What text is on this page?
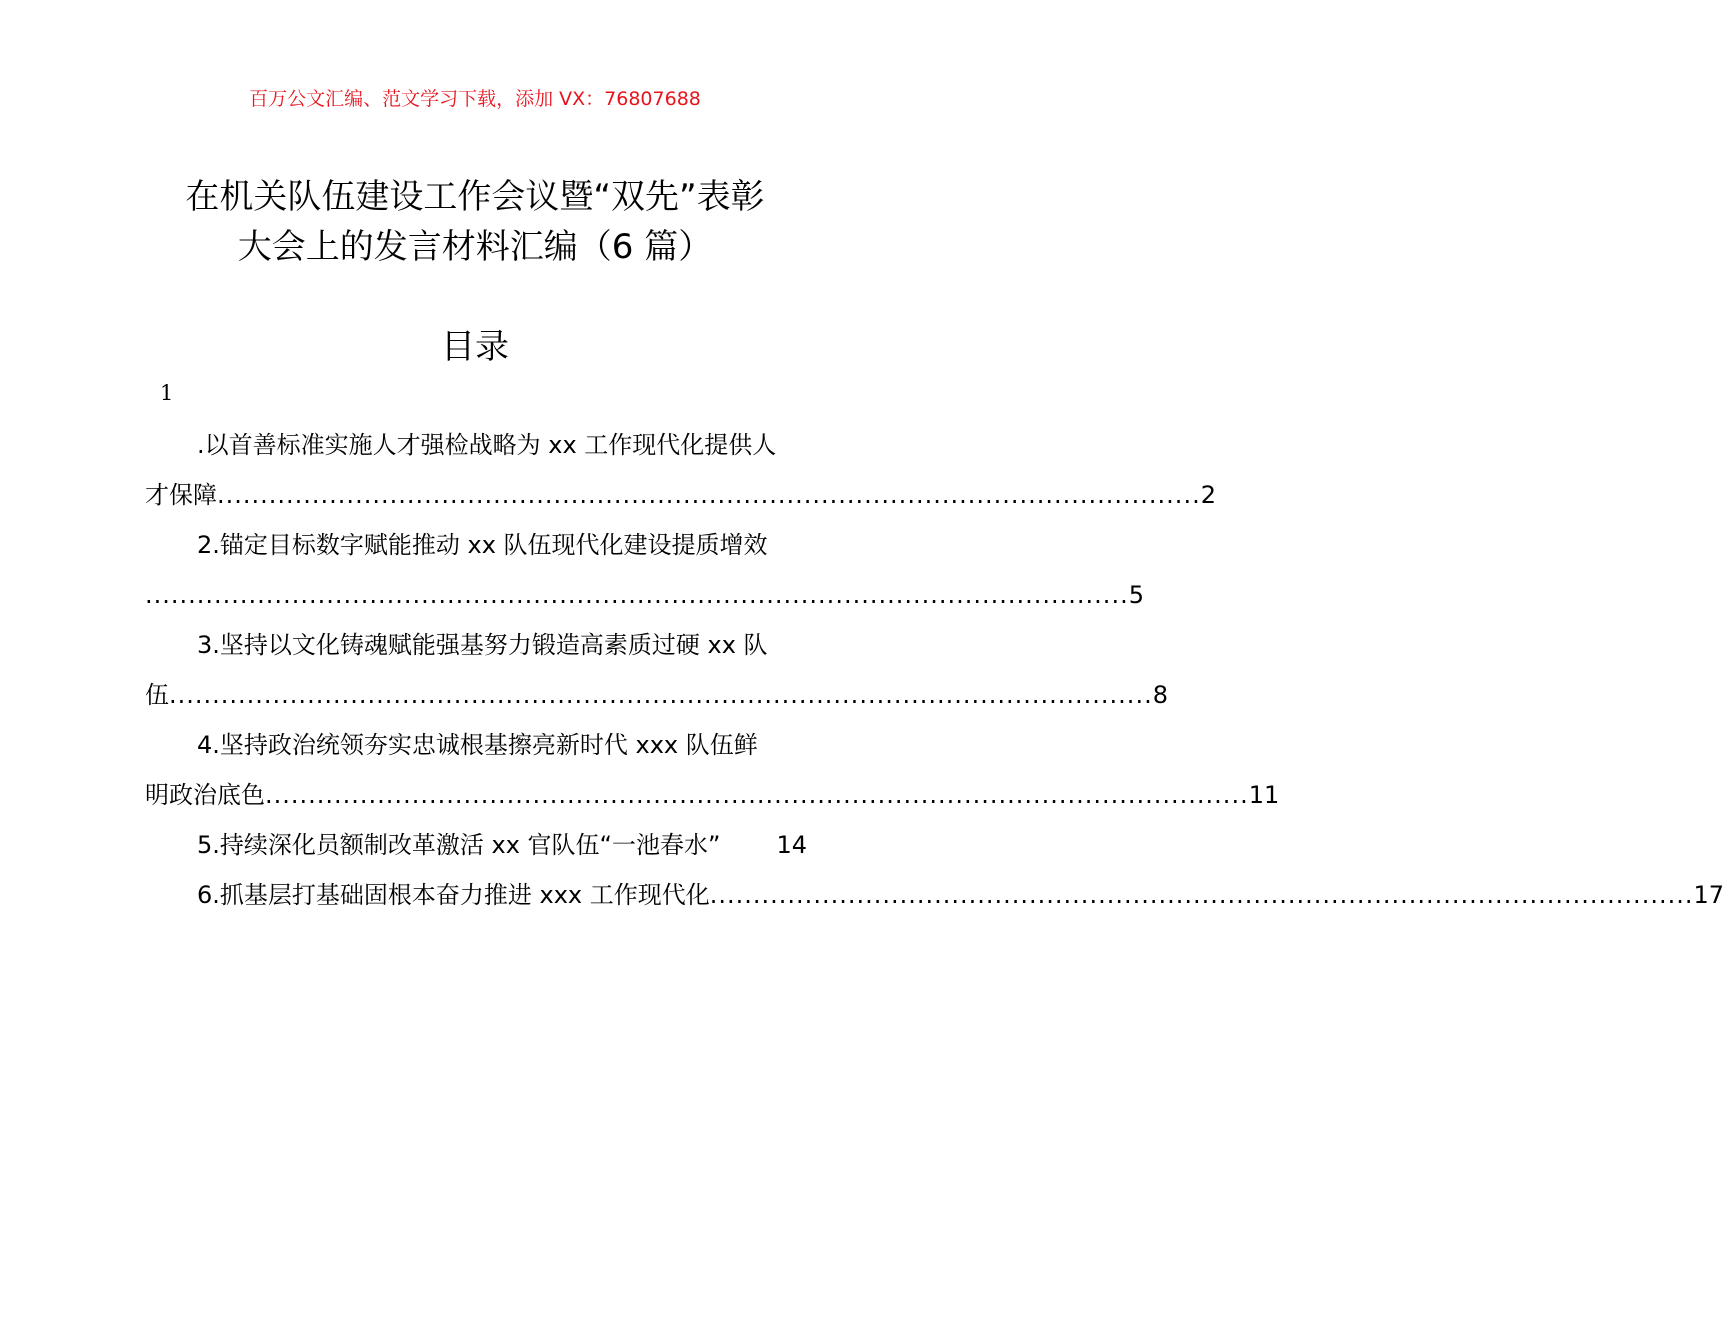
百万公文汇编、范文学习下载，添加 VX：76807688
在机关队伍建设工作会议暨“双先”表彰
大会上的发言材料汇编（6 篇）
目录
1
.以首善标准实施人才强检战略为 xx 工作现代化提供人
才保障 .................................................................................................................. 2
2.锚定目标数字赋能推动 xx 队伍现代化建设提质增效
.................................................................................................................. 5
3.坚持以文化铸魂赋能强基努力锻造高素质过硬 xx 队
伍 .................................................................................................................. 8
4.坚持政治统领夯实忠诚根基擦亮新时代 xxx 队伍鲜
明政治底色 .................................................................................................................. 11
5.持续深化员额制改革激活 xx 官队伍“一池春水”
14
6.抓基层打基础固根本奋力推进 xxx 工作现代化 .................................................................................................................. 17
